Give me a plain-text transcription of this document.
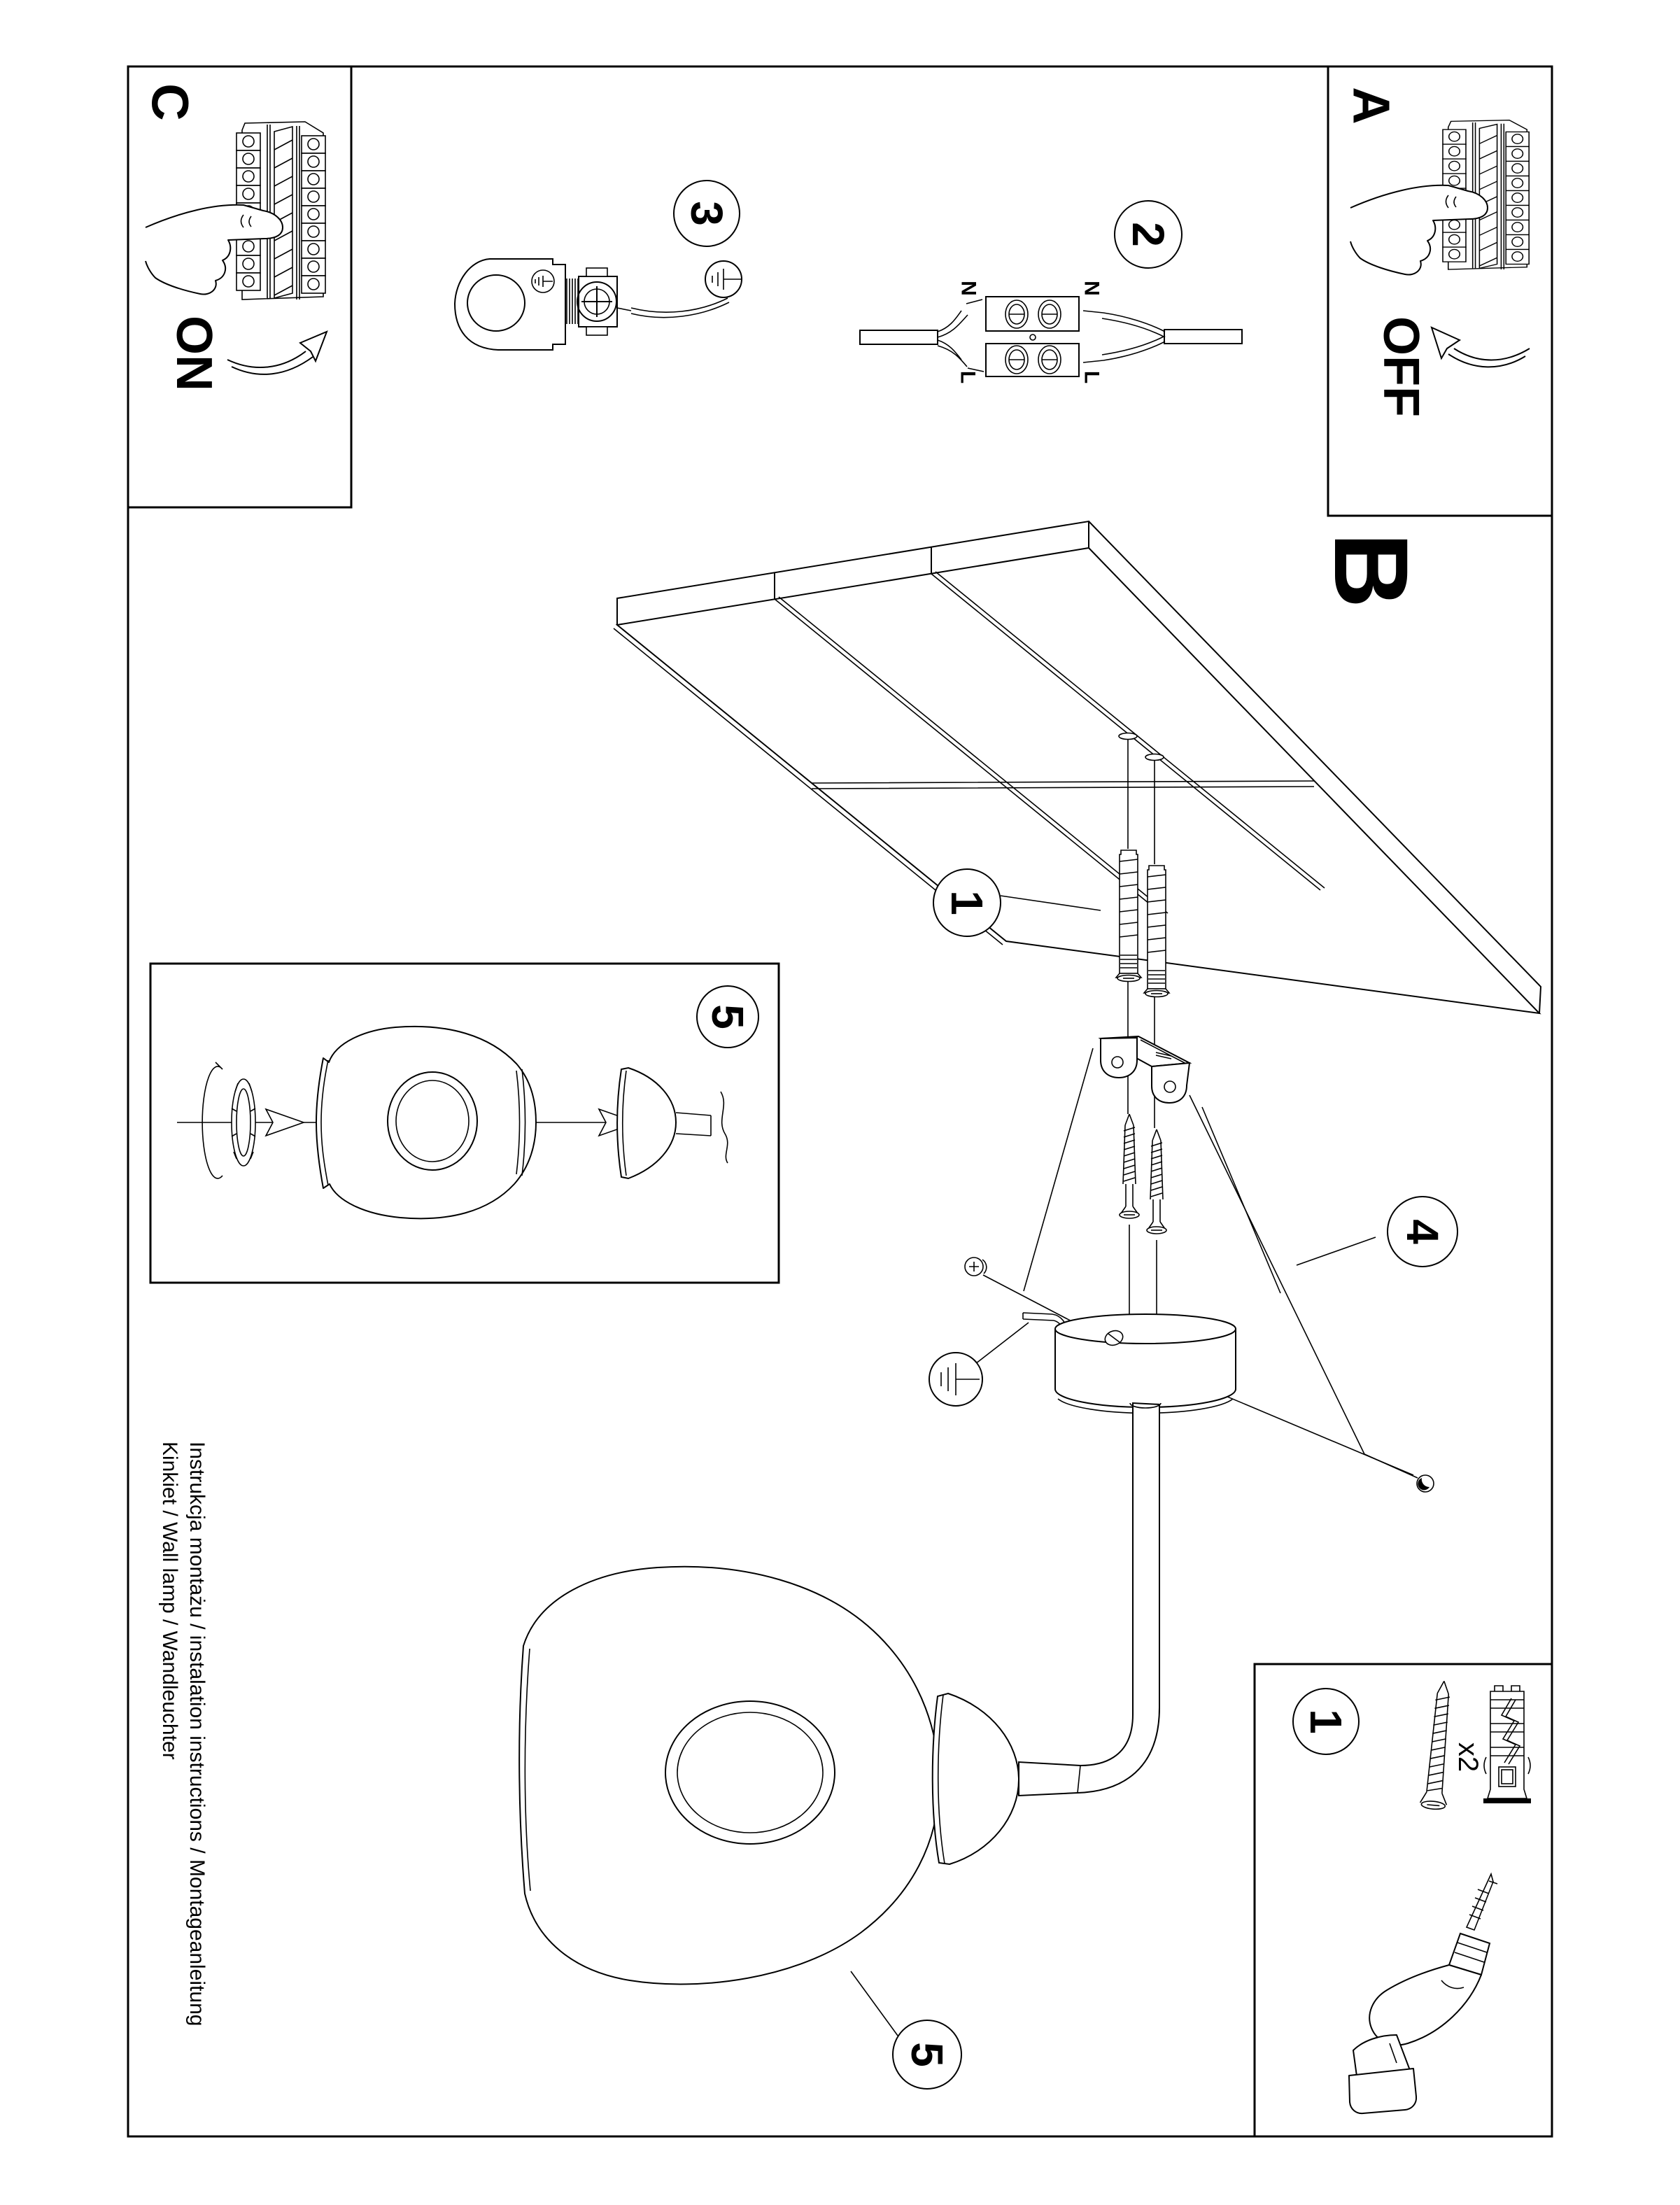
C
ON
A
OFF
3
2
N	N
L	L
B
1
4
5
5
1
x2
Instrukcja montażu / instalation instructions / Montageanleitung
Kinkiet / Wall lamp / Wandleuchter
